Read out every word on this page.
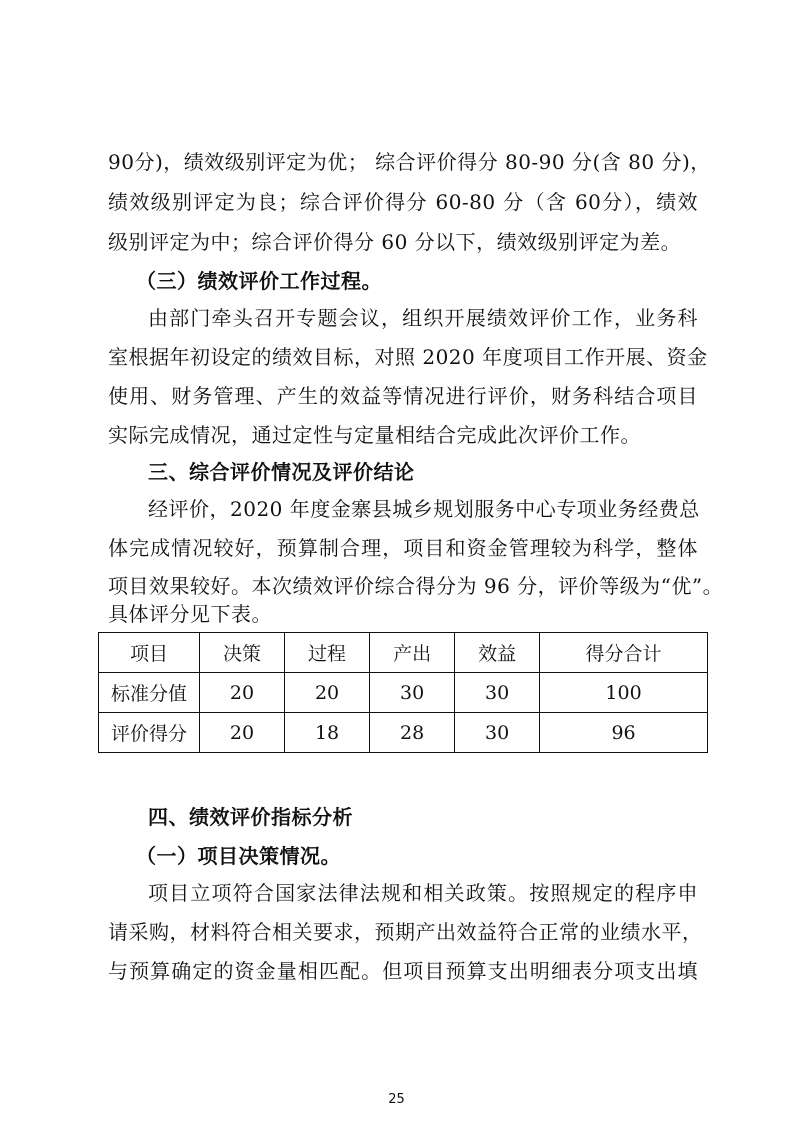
90分)，绩效级别评定为优； 综合评价得分 80-90 分(含 80 分)，
绩效级别评定为良；综合评价得分 60-80 分（含 60分），绩效
级别评定为中；综合评价得分 60 分以下，绩效级别评定为差。
（三）绩效评价工作过程。
由部门牵头召开专题会议，组织开展绩效评价工作，业务科
室根据年初设定的绩效目标，对照 2020 年度项目工作开展、资金
使用、财务管理、产生的效益等情况进行评价，财务科结合项目
实际完成情况，通过定性与定量相结合完成此次评价工作。
三、综合评价情况及评价结论
经评价，2020 年度金寨县城乡规划服务中心专项业务经费总
体完成情况较好，预算制合理，项目和资金管理较为科学，整体
项目效果较好。本次绩效评价综合得分为 96 分，评价等级为“优”。
具体评分见下表。
项目	决策	过程	产出	效益	得分合计
标准分值	20	20	30	30	100
评价得分	20	18	28	30	96
四、绩效评价指标分析
（一）项目决策情况。
项目立项符合国家法律法规和相关政策。按照规定的程序申
请采购，材料符合相关要求，预期产出效益符合正常的业绩水平，
与预算确定的资金量相匹配。但项目预算支出明细表分项支出填
25
